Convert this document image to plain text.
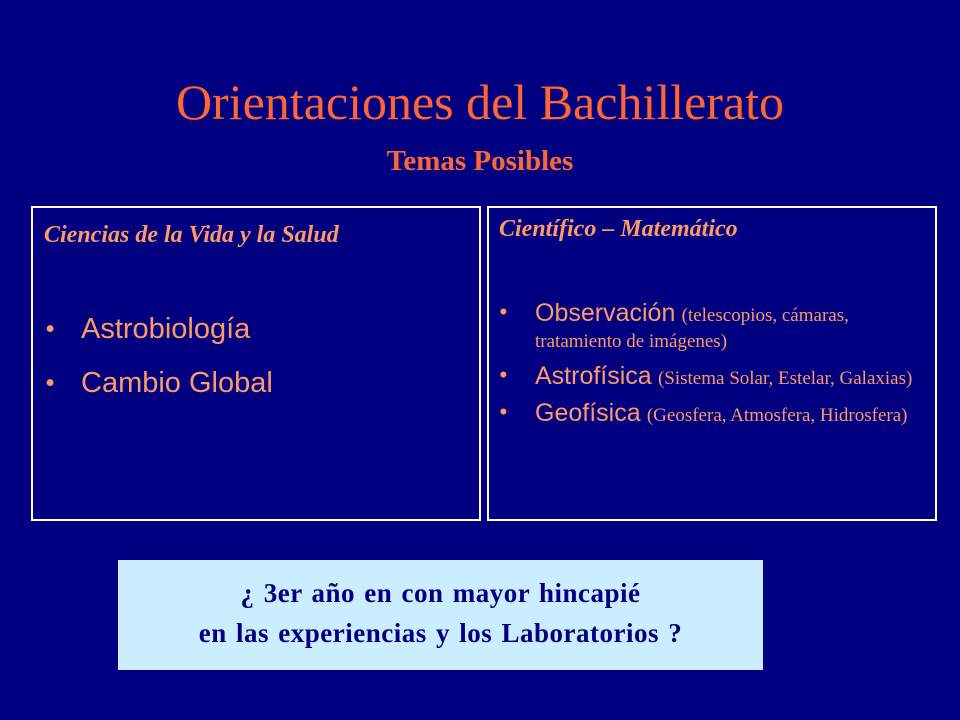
Orientaciones del Bachillerato
Temas Posibles

Ciencias de la Vida y la Salud

• Astrobiología
• Cambio Global

Científico – Matemático

• Observación (telescopios, cámaras, tratamiento de imágenes)
• Astrofísica (Sistema Solar, Estelar, Galaxias)
• Geofísica (Geosfera, Atmosfera, Hidrosfera)
¿ 3er año en con mayor hincapié
en las experiencias y los Laboratorios ?
